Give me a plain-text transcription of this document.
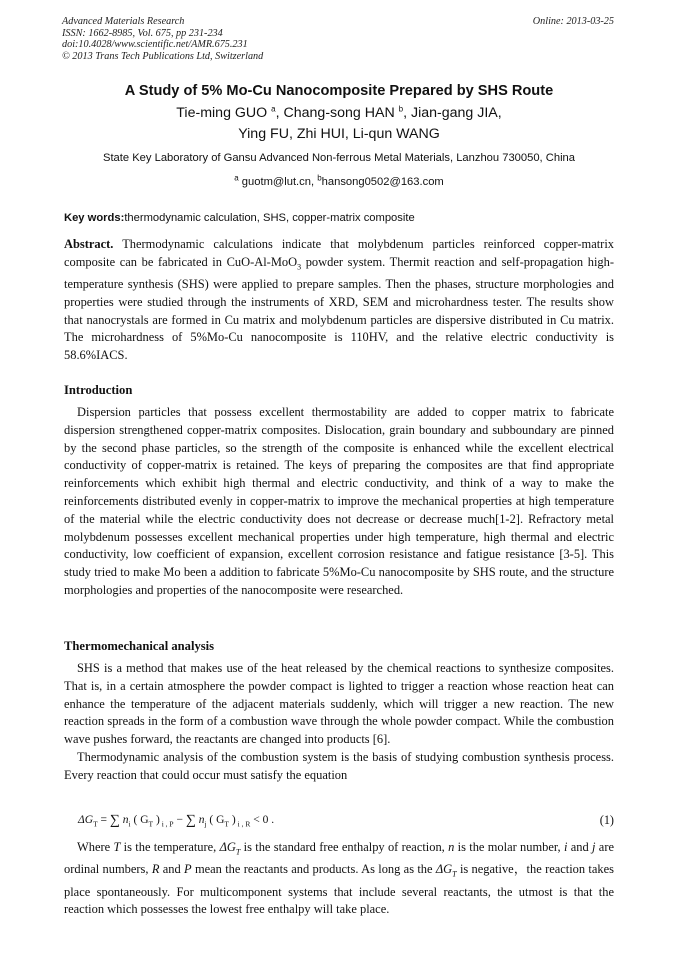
Advanced Materials Research
ISSN: 1662-8985, Vol. 675, pp 231-234
doi:10.4028/www.scientific.net/AMR.675.231
© 2013 Trans Tech Publications Ltd, Switzerland
Online: 2013-03-25
A Study of 5% Mo-Cu Nanocomposite Prepared by SHS Route
Tie-ming GUO $^a$, Chang-song HAN $^b$, Jian-gang JIA,
Ying FU, Zhi HUI, Li-qun WANG
State Key Laboratory of Gansu Advanced Non-ferrous Metal Materials, Lanzhou 730050, China
$^a$ guotm@lut.cn, $^b$hansong0502@163.com
Key words:thermodynamic calculation, SHS, copper-matrix composite

Abstract. Thermodynamic calculations indicate that molybdenum particles reinforced copper-matrix composite can be fabricated in CuO-Al-MoO$_3$ powder system. Thermit reaction and self-propagation high-temperature synthesis (SHS) were applied to prepare samples. Then the phases, structure morphologies and properties were studied through the instruments of XRD, SEM and microhardness tester. The results show that nanocrystals are formed in Cu matrix and molybdenum particles are dispersive distributed in Cu matrix. The microhardness of 5%Mo-Cu nanocomposite is 110HV, and the relative electric conductivity is 58.6%IACS.

Introduction

Dispersion particles that possess excellent thermostability are added to copper matrix to fabricate dispersion strengthened copper-matrix composites. Dislocation, grain boundary and subboundary are pinned by the second phase particles, so the strength of the composite is enhanced while the excellent electrical conductivity of copper-matrix is retained. The keys of preparing the composites are that find appropriate reinforcements which exhibit high thermal and electric conductivity, and think of a way to make the reinforcements distributed evenly in copper-matrix to improve the mechanical properties at high temperature of the material while the electric conductivity does not decrease or decrease much[1-2]. Refractory metal molybdenum possesses excellent mechanical properties under high temperature, high thermal and electric conductivity, low coefficient of expansion, excellent corrosion resistance and fatigue resistance [3-5]. This study tried to make Mo been a addition to fabricate 5%Mo-Cu nanocomposite by SHS route, and the structure morphologies and properties of the nanocomposite were researched.

Thermomechanical analysis

SHS is a method that makes use of the heat released by the chemical reactions to synthesize composites. That is, in a certain atmosphere the powder compact is lighted to trigger a reaction whose reaction heat can enhance the temperature of the adjacent materials suddenly, which will trigger a new reaction. The new reaction spreads in the form of a combustion wave through the whole powder compact. While the combustion wave pushes forward, the reactants are changed into products [6].

Thermodynamic analysis of the combustion system is the basis of studying combustion synthesis process. Every reaction that could occur must satisfy the equation

$\Delta G_T$ = ∑ $n_i$ ( $G_T$ ) $_{i , P}$ − ∑ $n_j$ ( $G_T$ ) $_{i , R}$ < 0 .	(1)

Where T is the temperature, $\Delta G_T$ is the standard free enthalpy of reaction, n is the molar number, i and j are ordinal numbers, R and P mean the reactants and products. As long as the $\Delta G_T$ is negative，the reaction takes place spontaneously. For multicomponent systems that include several reactants, the utmost is that the reaction which possesses the lowest free enthalpy will take place.
